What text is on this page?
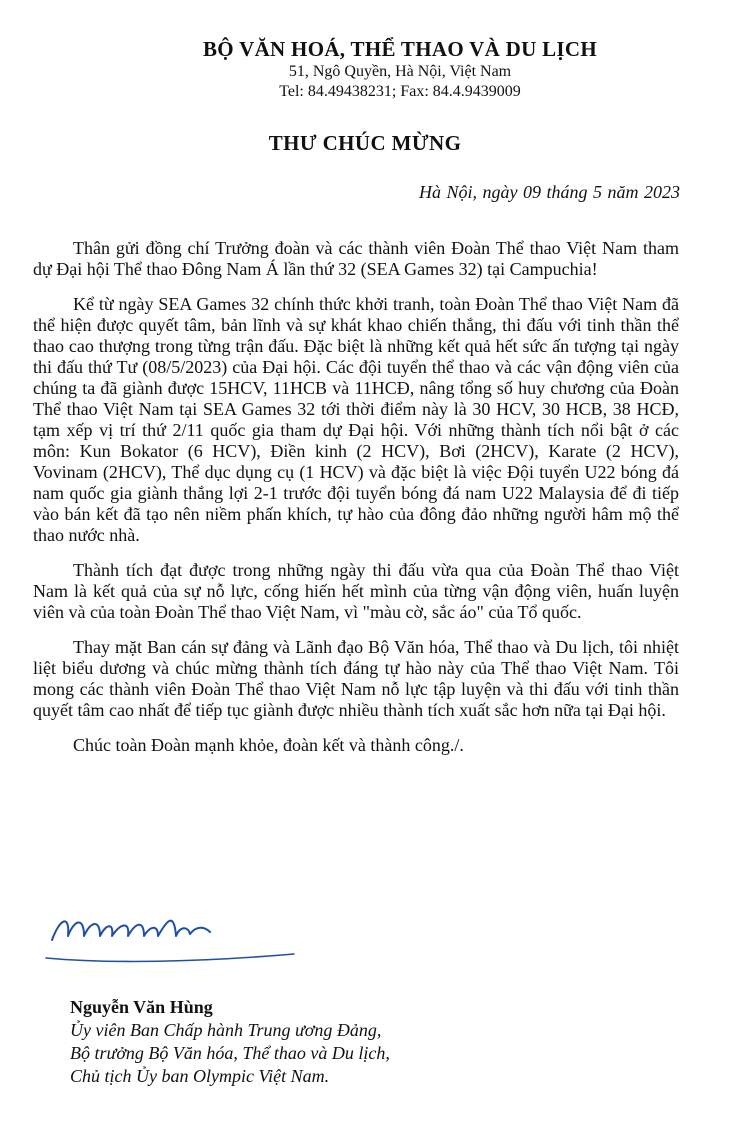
BỘ VĂN HOÁ, THỂ THAO VÀ DU LỊCH
51, Ngô Quyền, Hà Nội, Việt Nam
Tel: 84.49438231; Fax: 84.4.9439009
THƯ CHÚC MỪNG
Hà Nội, ngày 09 tháng 5 năm 2023

Thân gửi đồng chí Trưởng đoàn và các thành viên Đoàn Thể thao Việt Nam tham dự Đại hội Thể thao Đông Nam Á lần thứ 32 (SEA Games 32) tại Campuchia!

Kể từ ngày SEA Games 32 chính thức khởi tranh, toàn Đoàn Thể thao Việt Nam đã thể hiện được quyết tâm, bản lĩnh và sự khát khao chiến thắng, thi đấu với tinh thần thể thao cao thượng trong từng trận đấu. Đặc biệt là những kết quả hết sức ấn tượng tại ngày thi đấu thứ Tư (08/5/2023) của Đại hội. Các đội tuyển thể thao và các vận động viên của chúng ta đã giành được 15HCV, 11HCB và 11HCĐ, nâng tổng số huy chương của Đoàn Thể thao Việt Nam tại SEA Games 32 tới thời điểm này là 30 HCV, 30 HCB, 38 HCĐ, tạm xếp vị trí thứ 2/11 quốc gia tham dự Đại hội. Với những thành tích nổi bật ở các môn: Kun Bokator (6 HCV), Điền kinh (2 HCV), Bơi (2HCV), Karate (2 HCV), Vovinam (2HCV), Thể dục dụng cụ (1 HCV) và đặc biệt là việc Đội tuyển U22 bóng đá nam quốc gia giành thắng lợi 2-1 trước đội tuyển bóng đá nam U22 Malaysia để đi tiếp vào bán kết đã tạo nên niềm phấn khích, tự hào của đông đảo những người hâm mộ thể thao nước nhà.

Thành tích đạt được trong những ngày thi đấu vừa qua của Đoàn Thể thao Việt Nam là kết quả của sự nỗ lực, cống hiến hết mình của từng vận động viên, huấn luyện viên và của toàn Đoàn Thể thao Việt Nam, vì "màu cờ, sắc áo" của Tổ quốc.

Thay mặt Ban cán sự đảng và Lãnh đạo Bộ Văn hóa, Thể thao và Du lịch, tôi nhiệt liệt biểu dương và chúc mừng thành tích đáng tự hào này của Thể thao Việt Nam. Tôi mong các thành viên Đoàn Thể thao Việt Nam nỗ lực tập luyện và thi đấu với tinh thần quyết tâm cao nhất để tiếp tục giành được nhiều thành tích xuất sắc hơn nữa tại Đại hội.

Chúc toàn Đoàn mạnh khỏe, đoàn kết và thành công./.

Nguyễn Văn Hùng
Ủy viên Ban Chấp hành Trung ương Đảng,
Bộ trưởng Bộ Văn hóa, Thể thao và Du lịch,
Chủ tịch Ủy ban Olympic Việt Nam.
